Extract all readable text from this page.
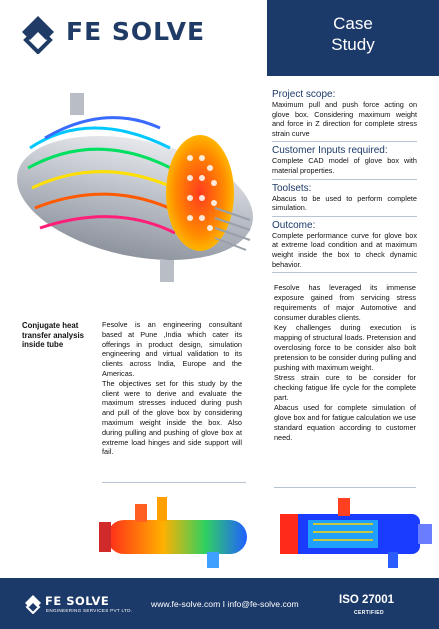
FE SOLVE	Case
Study
Project scope:

Maximum pull and push force acting on glove box. Considering maximum weight and force in Z direction for complete stress strain curve

Customer Inputs required:

Complete CAD model of glove box with material properties.

Toolsets:

Abacus to be used to perform complete simulation.

Outcome:

Complete performance curve for glove box at extreme load condition and at maximum weight inside the box to check dynamic behavior.

Fesolve has leveraged its immense exposure gained from servicing stress requirements of major Automotive and consumer durables clients.
Key challenges during execution is mapping of structural loads. Pretension and overclosing force to be consider also bolt pretension to be consider during pulling and pushing with maximum weight.
Stress strain cure to be consider for checking fatigue life cycle for the complete part.
Abacus used for complete simulation of glove box and for fatigue calculation we use standard equation according to customer need.
Conjugate heat transfer analysis inside tube
Fesolve is an engineering consultant based at Pune ,India which cater its offerings in product design, simulation engineering and virtual validation to its clients across India, Europe and the Americas.
The objectives set for this study by the client were to derive and evaluate the maximum stresses induced during push and pull of the glove box by considering maximum weight inside the box. Also during pulling and pushing of glove box at extreme load hinges and side support will fail.
FE SOLVE
ENGINEERING SERVICES PVT LTD.
www.fe-solve.com I info@fe-solve.com	ISO 27001
CERTIFIED
